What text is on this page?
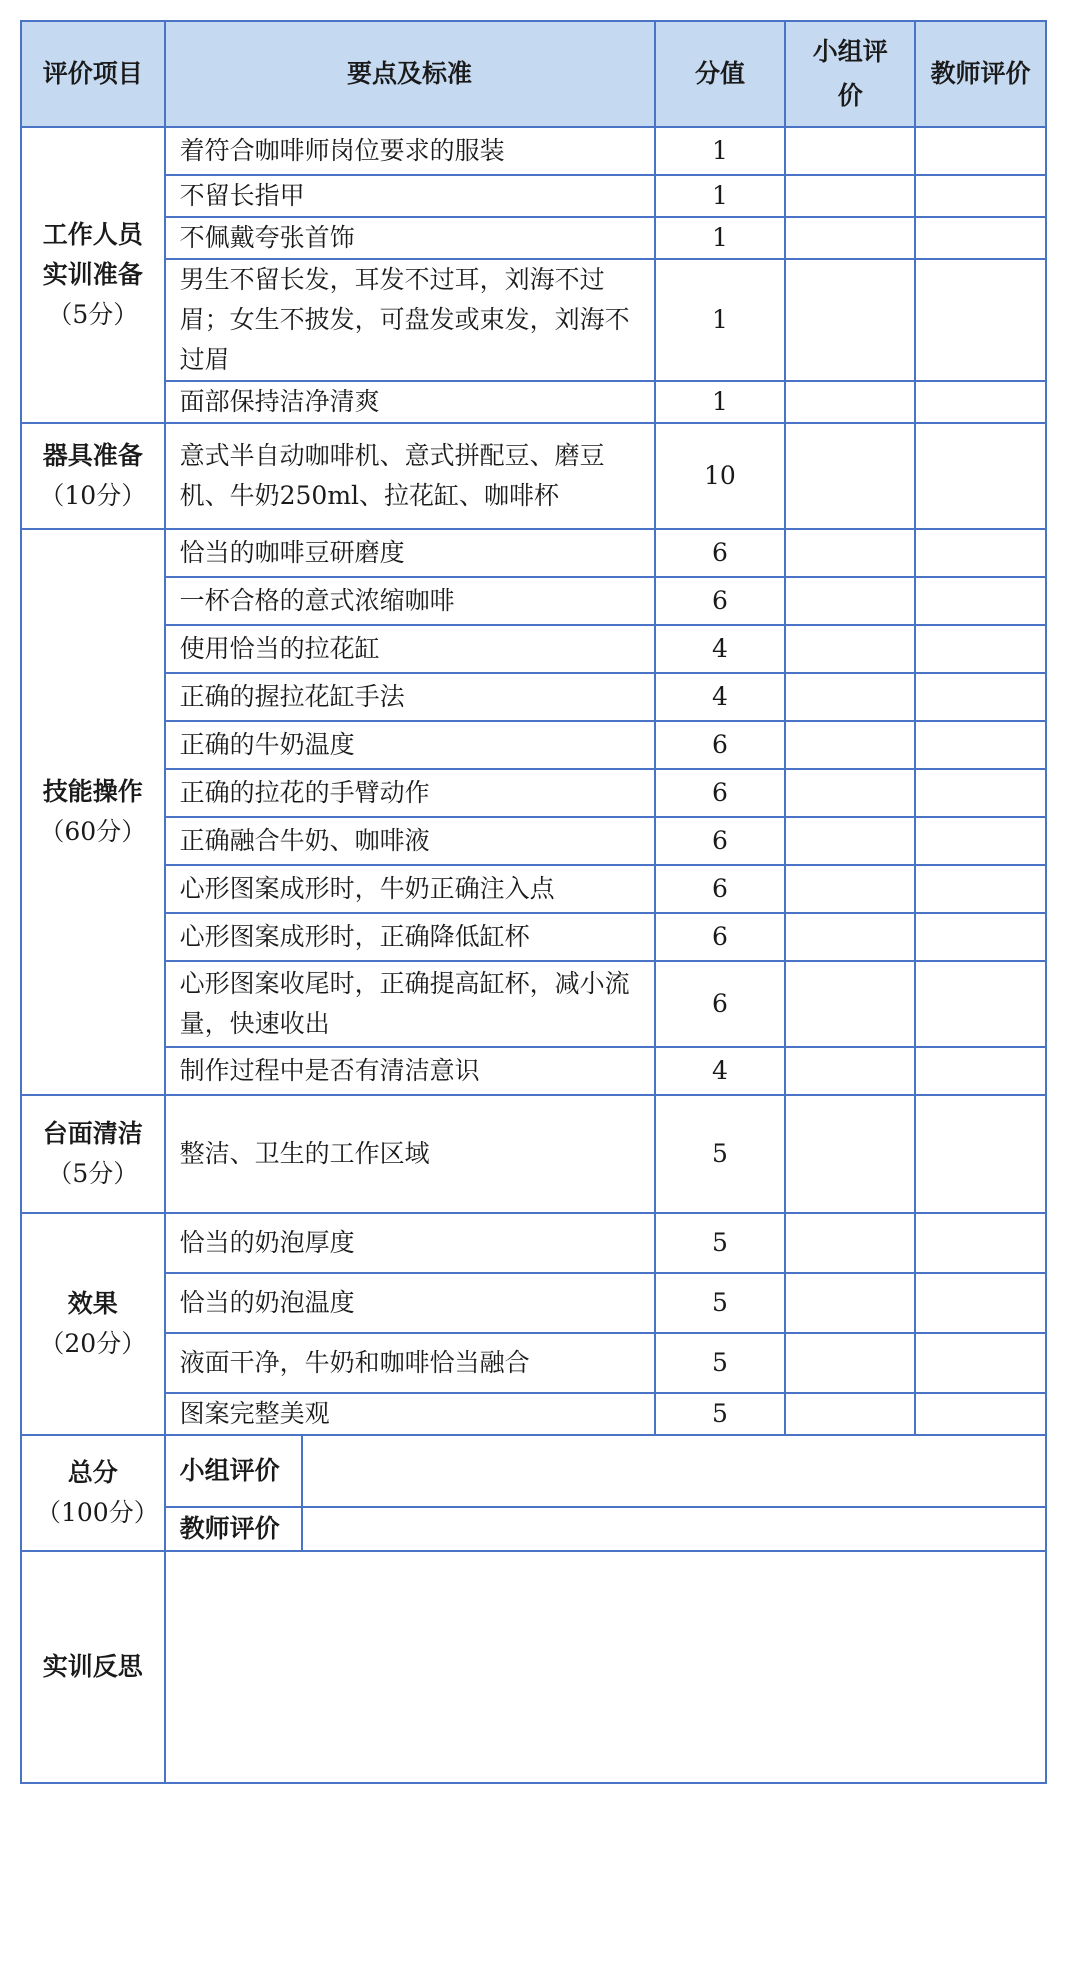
评价项目	要点及标准		分值	小组评价	教师评价

工作人员
实训准备
（5分）	着符合咖啡师岗位要求的服装		1		
	不留长指甲		1		
	不佩戴夸张首饰		1		
	男生不留长发，耳发不过耳，刘海不过眉；女生不披发，可盘发或束发，刘海不过眉		1		
	面部保持洁净清爽		1		

器具准备
（10分）	意式半自动咖啡机、意式拼配豆、磨豆机、牛奶250ml、拉花缸、咖啡杯		10		

技能操作
（60分）	恰当的咖啡豆研磨度		6		
	一杯合格的意式浓缩咖啡		6		
	使用恰当的拉花缸		4		
	正确的握拉花缸手法		4		
	正确的牛奶温度		6		
	正确的拉花的手臂动作		6		
	正确融合牛奶、咖啡液		6		
	心形图案成形时，牛奶正确注入点		6		
	心形图案成形时，正确降低缸杯		6		
	心形图案收尾时，正确提高缸杯，减小流量，快速收出		6		
	制作过程中是否有清洁意识		4		

台面清洁
（5分）	整洁、卫生的工作区域		5		

效果
（20分）	恰当的奶泡厚度		5		
	恰当的奶泡温度		5		
	液面干净，牛奶和咖啡恰当融合		5		
	图案完整美观		5		

总分
（100分）	小组评价				
	教师评价				
实训反思					
